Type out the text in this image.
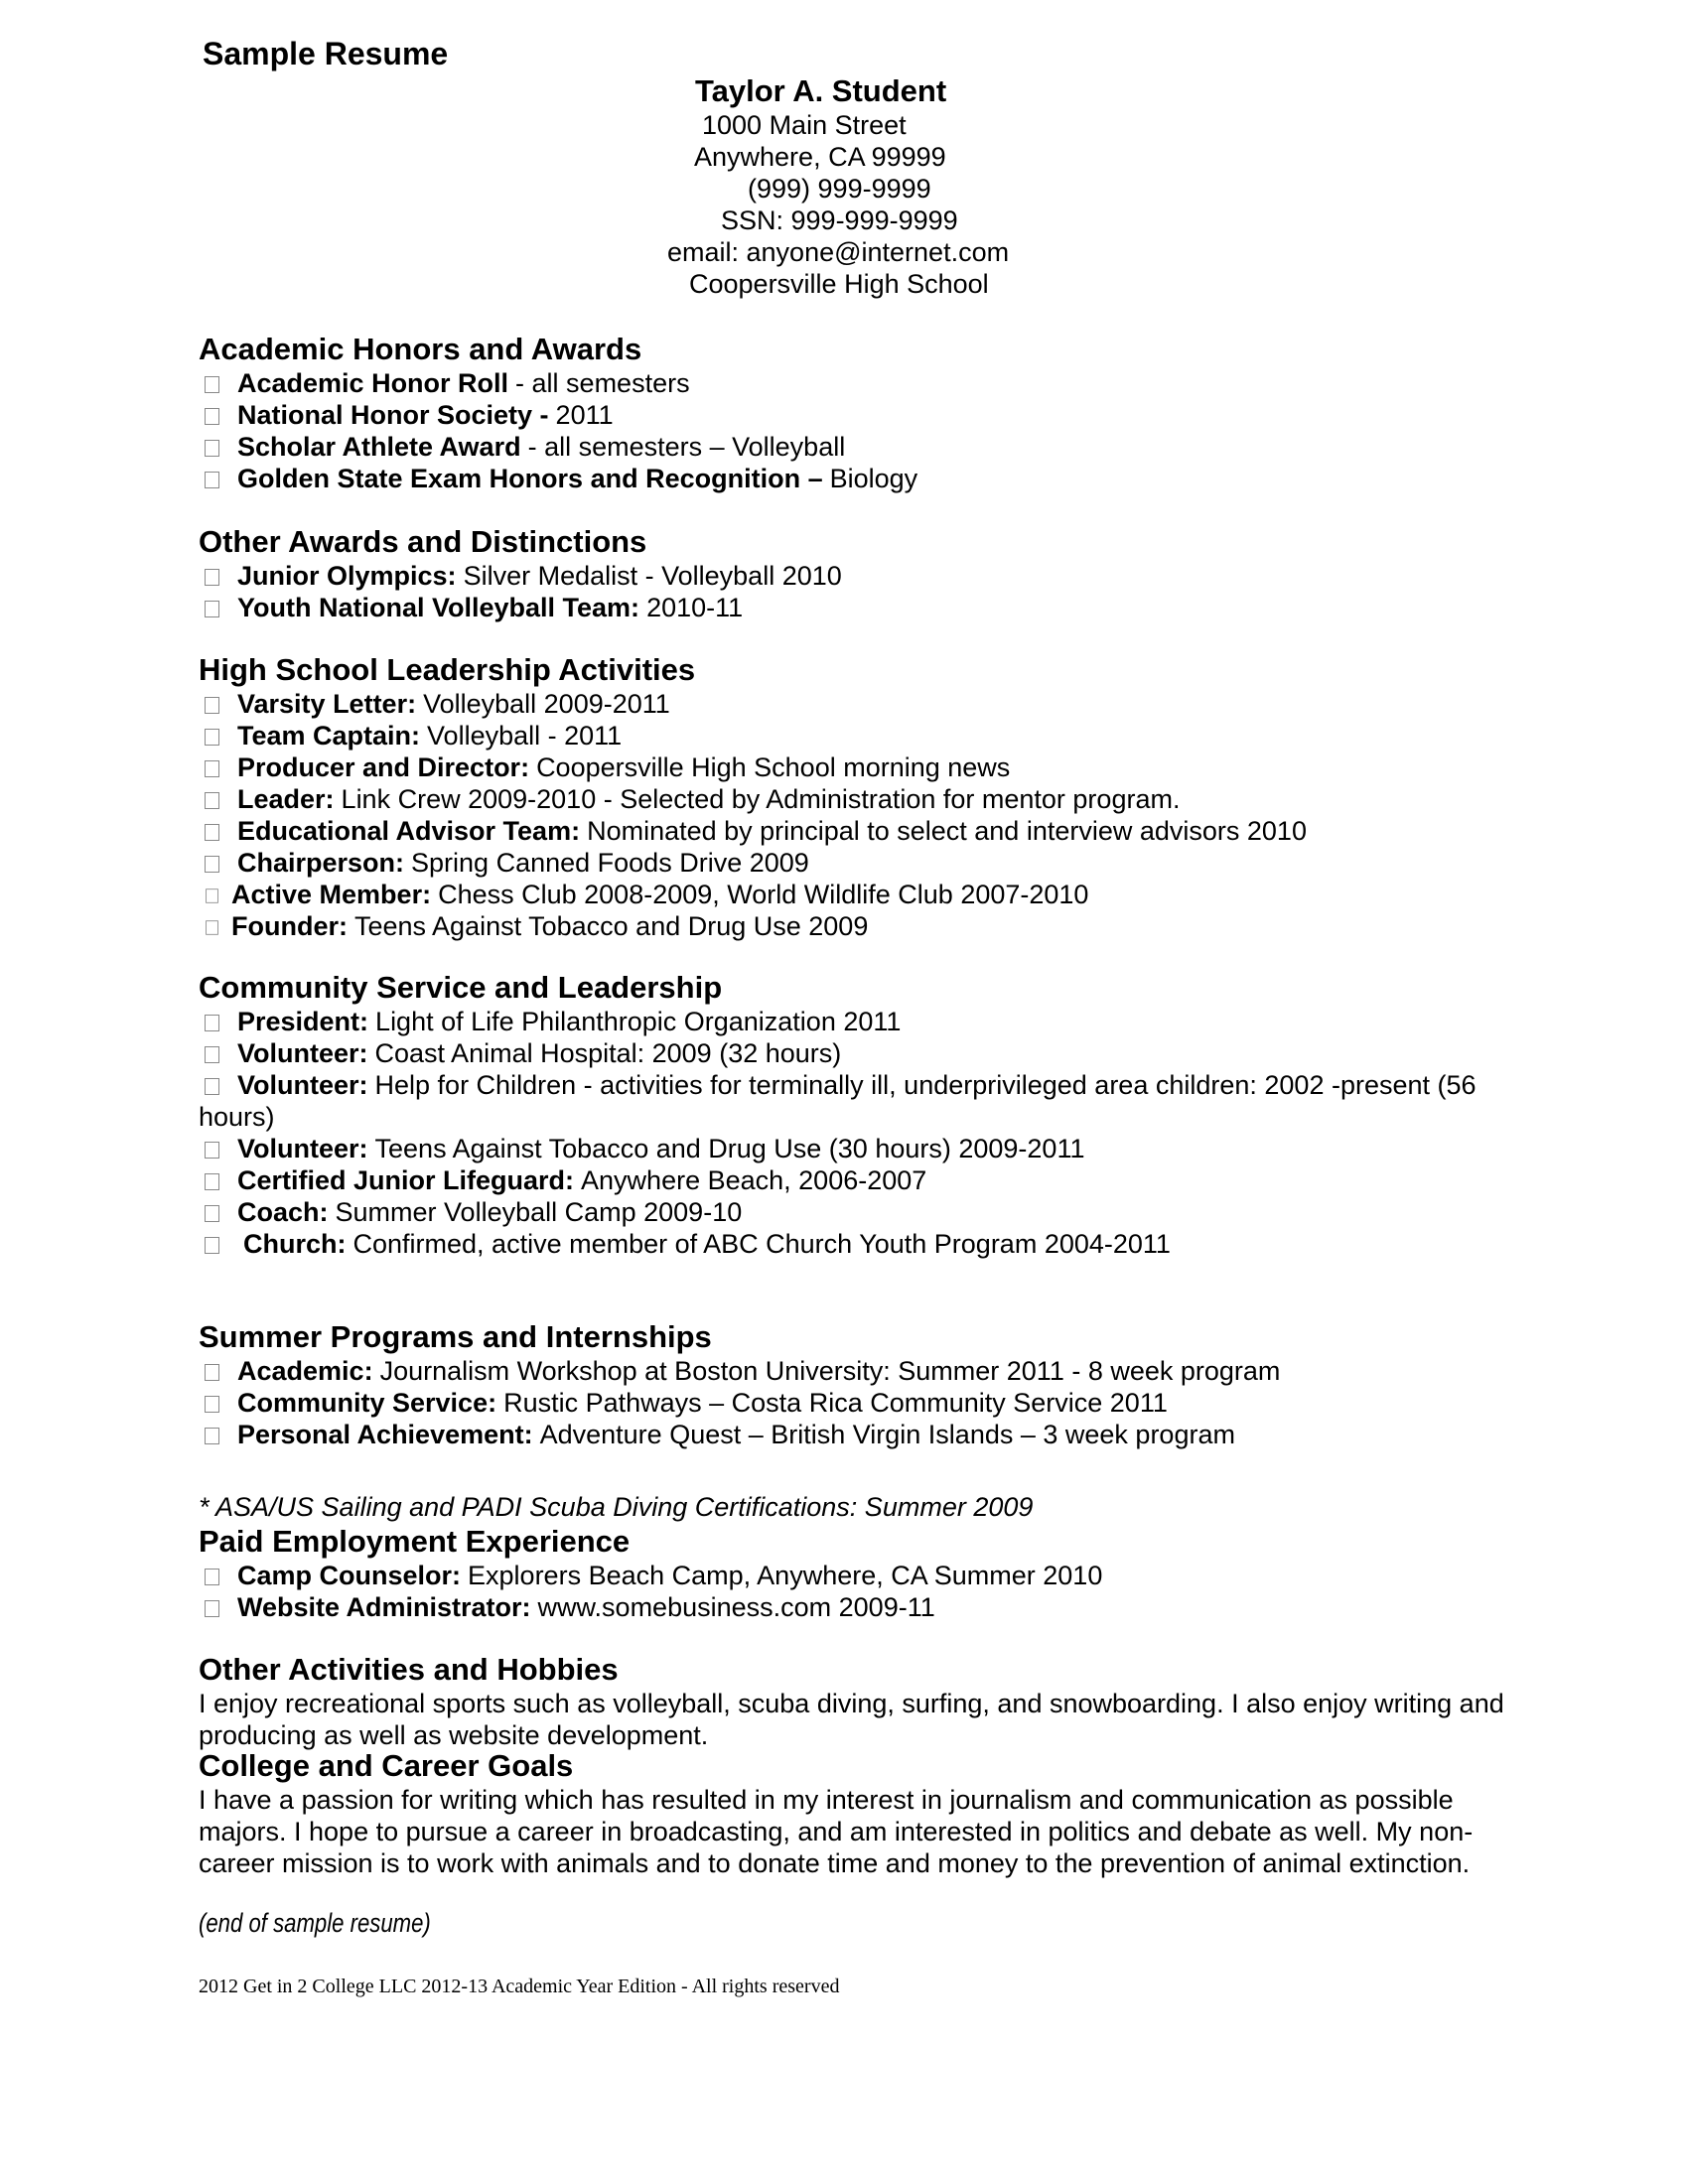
Sample Resume
Taylor A. Student
1000 Main Street
Anywhere, CA 99999
(999) 999-9999
SSN: 999-999-9999
email: anyone@internet.com
Coopersville High School
Academic Honors and Awards
Academic Honor Roll - all semesters
National Honor Society - 2011
Scholar Athlete Award - all semesters – Volleyball
Golden State Exam Honors and Recognition – Biology
Other Awards and Distinctions
Junior Olympics: Silver Medalist - Volleyball 2010
Youth National Volleyball Team: 2010-11
High School Leadership Activities
Varsity Letter: Volleyball 2009-2011
Team Captain: Volleyball - 2011
Producer and Director: Coopersville High School morning news
Leader: Link Crew 2009-2010 - Selected by Administration for mentor program.
Educational Advisor Team: Nominated by principal to select and interview advisors 2010
Chairperson: Spring Canned Foods Drive 2009
Active Member: Chess Club 2008-2009, World Wildlife Club 2007-2010
Founder: Teens Against Tobacco and Drug Use 2009
Community Service and Leadership
President: Light of Life Philanthropic Organization 2011
Volunteer: Coast Animal Hospital: 2009 (32 hours)
Volunteer: Help for Children - activities for terminally ill, underprivileged area children: 2002 -present (56 hours)
Volunteer: Teens Against Tobacco and Drug Use (30 hours) 2009-2011
Certified Junior Lifeguard: Anywhere Beach, 2006-2007
Coach: Summer Volleyball Camp 2009-10
Church: Confirmed, active member of ABC Church Youth Program 2004-2011
Summer Programs and Internships
Academic: Journalism Workshop at Boston University: Summer 2011 - 8 week program
Community Service: Rustic Pathways – Costa Rica Community Service 2011
Personal Achievement: Adventure Quest – British Virgin Islands – 3 week program
* ASA/US Sailing and PADI Scuba Diving Certifications: Summer 2009
Paid Employment Experience
Camp Counselor: Explorers Beach Camp, Anywhere, CA Summer 2010
Website Administrator: www.somebusiness.com 2009-11
Other Activities and Hobbies
I enjoy recreational sports such as volleyball, scuba diving, surfing, and snowboarding. I also enjoy writing and producing as well as website development.
College and Career Goals
I have a passion for writing which has resulted in my interest in journalism and communication as possible majors. I hope to pursue a career in broadcasting, and am interested in politics and debate as well. My non-career mission is to work with animals and to donate time and money to the prevention of animal extinction.
(end of sample resume)
2012 Get in 2 College LLC 2012-13 Academic Year Edition - All rights reserved
